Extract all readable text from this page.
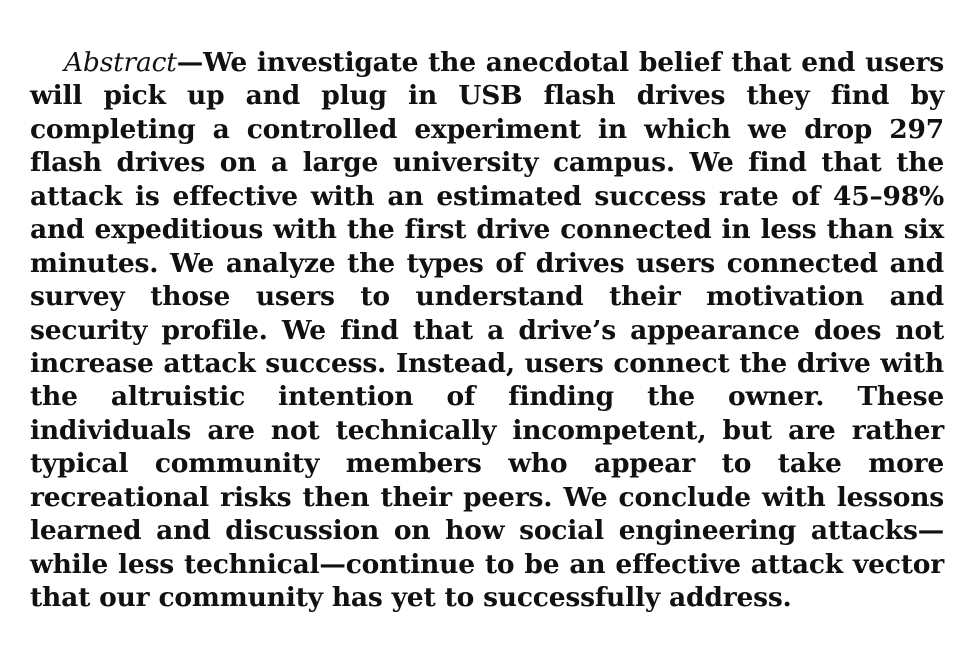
Abstract—We investigate the anecdotal belief that end users will pick up and plug in USB flash drives they find by completing a controlled experiment in which we drop 297 flash drives on a large university campus. We find that the attack is effective with an estimated success rate of 45–98% and expeditious with the first drive connected in less than six minutes. We analyze the types of drives users connected and survey those users to understand their motivation and security profile. We find that a drive’s appearance does not increase attack success. Instead, users connect the drive with the altruistic intention of finding the owner. These individuals are not technically incompetent, but are rather typical community members who appear to take more recreational risks then their peers. We conclude with lessons learned and discussion on how social engineering attacks—while less technical—continue to be an effective attack vector that our community has yet to successfully address.
